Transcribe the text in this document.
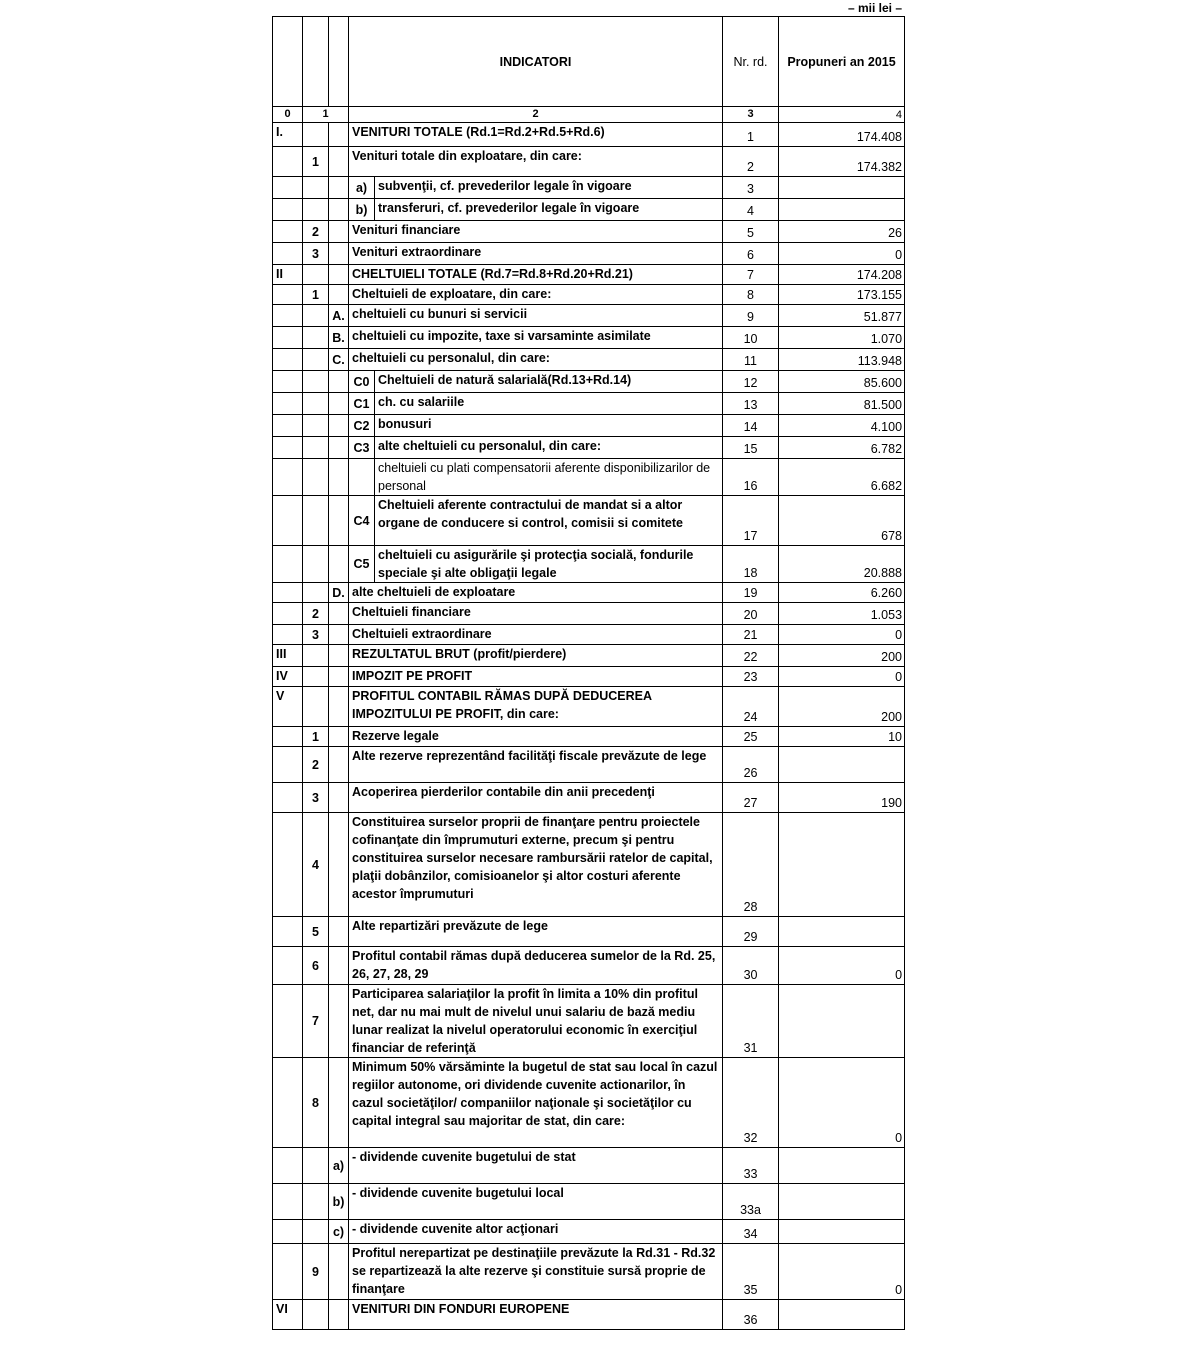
– mii lei –
			INDICATORI		Nr. rd.	Propuneri an 2015
0	1		2		3	4
I.			VENITURI TOTALE (Rd.1=Rd.2+Rd.5+Rd.6)		1	174.408
	1		Venituri totale din exploatare, din care:		2	174.382
			a)	subvenţii, cf. prevederilor legale în vigoare	3	
			b)	transferuri, cf. prevederilor legale în vigoare	4	
	2		Venituri financiare		5	26
	3		Venituri extraordinare		6	0
II			CHELTUIELI TOTALE (Rd.7=Rd.8+Rd.20+Rd.21)		7	174.208
	1		Cheltuieli de exploatare, din care:		8	173.155
		A.	cheltuieli cu bunuri si servicii		9	51.877
		B.	cheltuieli cu impozite, taxe si varsaminte asimilate		10	1.070
		C.	cheltuieli cu personalul, din care:		11	113.948
			C0	Cheltuieli de natură salarială(Rd.13+Rd.14)	12	85.600
			C1	ch. cu salariile	13	81.500
			C2	bonusuri	14	4.100
			C3	alte cheltuieli cu personalul, din care:	15	6.782
				cheltuieli cu plati compensatorii aferente disponibilizarilor de personal	16	6.682
			C4	Cheltuieli aferente contractului de mandat si a altor organe de conducere si control, comisii si comitete	17	678
			C5	cheltuieli cu asigurările şi protecţia socială, fondurile speciale şi alte obligaţii legale	18	20.888
		D.	alte cheltuieli de exploatare		19	6.260
	2		Cheltuieli financiare		20	1.053
	3		Cheltuieli extraordinare		21	0
III			REZULTATUL BRUT (profit/pierdere)		22	200
IV			IMPOZIT PE PROFIT		23	0
V			PROFITUL CONTABIL RĂMAS DUPĂ DEDUCEREA IMPOZITULUI PE PROFIT, din care:		24	200
	1		Rezerve legale		25	10
	2		Alte rezerve reprezentând facilităţi fiscale prevăzute de lege		26	
	3		Acoperirea pierderilor contabile din anii precedenţi		27	190
	4		Constituirea surselor proprii de finanţare pentru proiectele cofinanţate din împrumuturi externe, precum şi pentru constituirea surselor necesare rambursării ratelor de capital, plaţii dobânzilor, comisioanelor şi altor costuri aferente acestor împrumuturi		28	
	5		Alte repartizări prevăzute de lege		29	
	6		Profitul contabil rămas după deducerea sumelor de la Rd. 25, 26, 27, 28, 29		30	0
	7		Participarea salariaţilor la profit în limita a 10% din profitul net, dar nu mai mult de nivelul unui salariu de bază mediu lunar realizat la nivelul operatorului economic în exerciţiul financiar de referinţă		31	
	8		Minimum 50% vărsăminte la bugetul de stat sau local în cazul regiilor autonome, ori dividende cuvenite actionarilor, în cazul societăţilor/ companiilor naţionale şi societăţilor cu capital integral sau majoritar de stat, din care:		32	0
		a)	- dividende cuvenite bugetului de stat		33	
		b)	- dividende cuvenite bugetului local		33a	
		c)	- dividende cuvenite altor acţionari		34	
	9		Profitul nerepartizat pe destinaţiile prevăzute la Rd.31 - Rd.32 se repartizează la alte rezerve şi constituie sursă proprie de finanţare		35	0
VI			VENITURI DIN FONDURI EUROPENE		36	
